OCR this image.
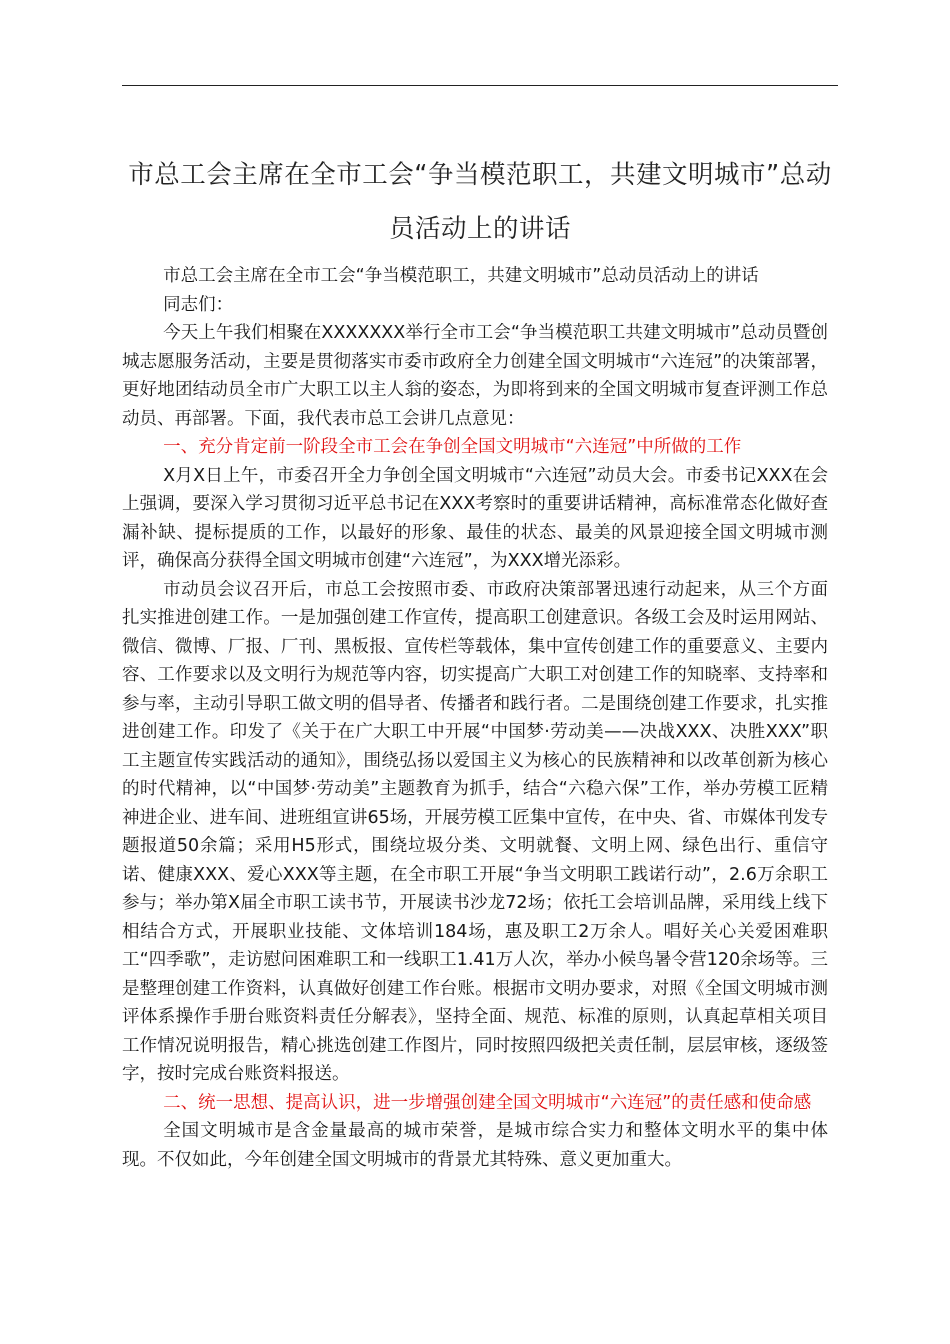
市总工会主席在全市工会“争当模范职工，共建文明城市”总动员活动上的讲话

市总工会主席在全市工会“争当模范职工，共建文明城市”总动员活动上的讲话

同志们：

今天上午我们相聚在XXXXXXX举行全市工会“争当模范职工共建文明城市”总动员暨创城志愿服务活动，主要是贯彻落实市委市政府全力创建全国文明城市“六连冠”的决策部署，更好地团结动员全市广大职工以主人翁的姿态，为即将到来的全国文明城市复查评测工作总动员、再部署。下面，我代表市总工会讲几点意见：

一、充分肯定前一阶段全市工会在争创全国文明城市“六连冠”中所做的工作

X月X日上午，市委召开全力争创全国文明城市“六连冠”动员大会。市委书记XXX在会上强调，要深入学习贯彻习近平总书记在XXX考察时的重要讲话精神，高标准常态化做好查漏补缺、提标提质的工作，以最好的形象、最佳的状态、最美的风景迎接全国文明城市测评，确保高分获得全国文明城市创建“六连冠”，为XXX增光添彩。

市动员会议召开后，市总工会按照市委、市政府决策部署迅速行动起来，从三个方面扎实推进创建工作。一是加强创建工作宣传，提高职工创建意识。各级工会及时运用网站、微信、微博、厂报、厂刊、黑板报、宣传栏等载体，集中宣传创建工作的重要意义、主要内容、工作要求以及文明行为规范等内容，切实提高广大职工对创建工作的知晓率、支持率和参与率，主动引导职工做文明的倡导者、传播者和践行者。二是围绕创建工作要求，扎实推进创建工作。印发了《关于在广大职工中开展“中国梦·劳动美——决战XXX、决胜XXX”职工主题宣传实践活动的通知》，围绕弘扬以爱国主义为核心的民族精神和以改革创新为核心的时代精神，以“中国梦·劳动美”主题教育为抓手，结合“六稳六保”工作，举办劳模工匠精神进企业、进车间、进班组宣讲65场，开展劳模工匠集中宣传，在中央、省、市媒体刊发专题报道50余篇；采用H5形式，围绕垃圾分类、文明就餐、文明上网、绿色出行、重信守诺、健康XXX、爱心XXX等主题，在全市职工开展“争当文明职工践诺行动”，2.6万余职工参与；举办第X届全市职工读书节，开展读书沙龙72场；依托工会培训品牌，采用线上线下相结合方式，开展职业技能、文体培训184场，惠及职工2万余人。唱好关心关爱困难职工“四季歌”，走访慰问困难职工和一线职工1.41万人次，举办小候鸟暑令营120余场等。三是整理创建工作资料，认真做好创建工作台账。根据市文明办要求，对照《全国文明城市测评体系操作手册台账资料责任分解表》，坚持全面、规范、标准的原则，认真起草相关项目工作情况说明报告，精心挑选创建工作图片，同时按照四级把关责任制，层层审核，逐级签字，按时完成台账资料报送。

二、统一思想、提高认识，进一步增强创建全国文明城市“六连冠”的责任感和使命感

全国文明城市是含金量最高的城市荣誉，是城市综合实力和整体文明水平的集中体现。不仅如此，今年创建全国文明城市的背景尤其特殊、意义更加重大。
